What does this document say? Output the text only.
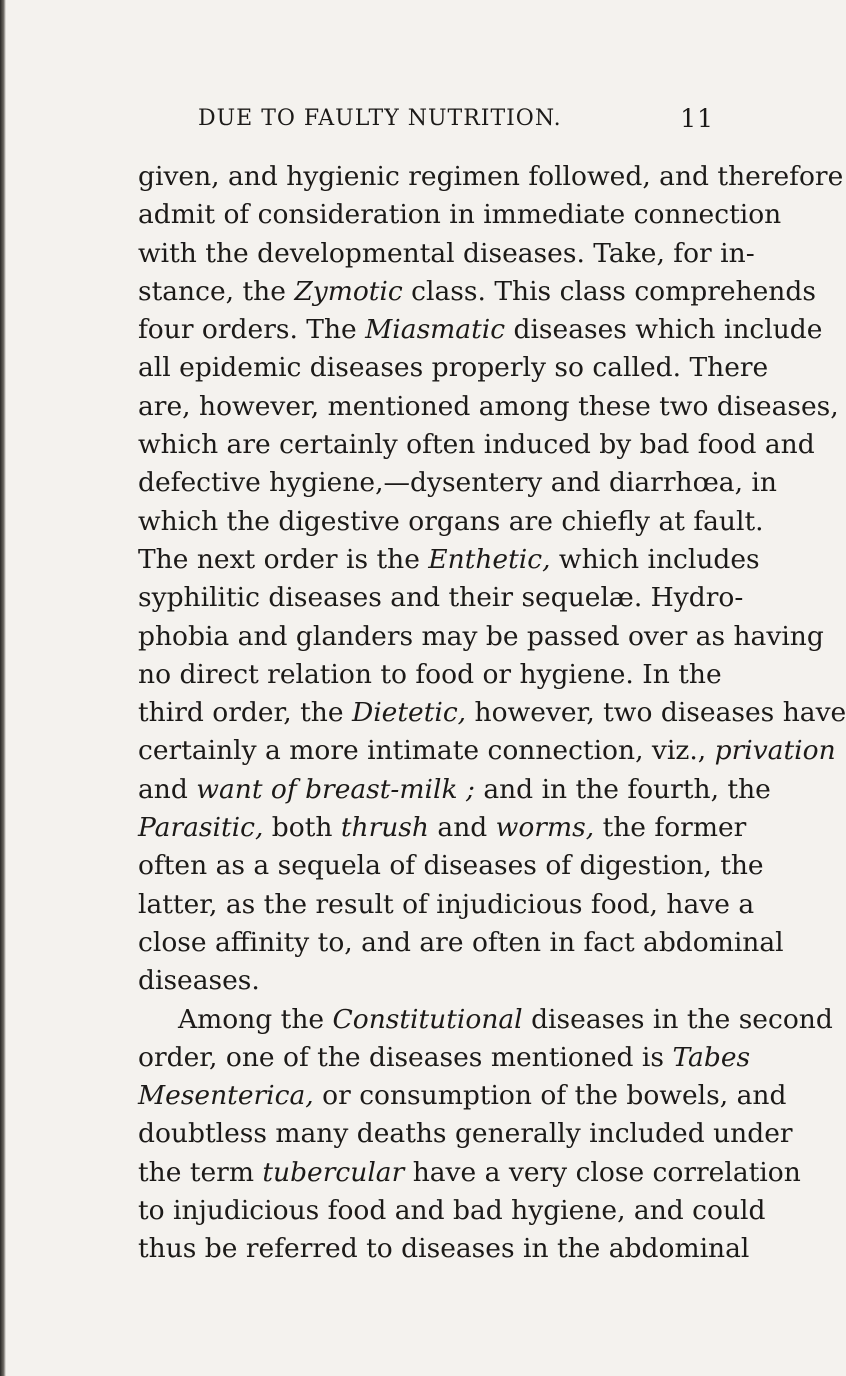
DUE TO FAULTY NUTRITION.	11
given, and hygienic regimen followed, and therefore
admit of consideration in immediate connection
with the developmental diseases. Take, for in-
stance, the Zymotic class. This class comprehends
four orders. The Miasmatic diseases which include
all epidemic diseases properly so called. There
are, however, mentioned among these two diseases,
which are certainly often induced by bad food and
defective hygiene,—dysentery and diarrhœa, in
which the digestive organs are chiefly at fault.
The next order is the Enthetic, which includes
syphilitic diseases and their sequelæ. Hydro-
phobia and glanders may be passed over as having
no direct relation to food or hygiene. In the
third order, the Dietetic, however, two diseases have
certainly a more intimate connection, viz., privation
and want of breast-milk ; and in the fourth, the
Parasitic, both thrush and worms, the former
often as a sequela of diseases of digestion, the
latter, as the result of injudicious food, have a
close affinity to, and are often in fact abdominal
diseases.
Among the Constitutional diseases in the second
order, one of the diseases mentioned is Tabes
Mesenterica, or consumption of the bowels, and
doubtless many deaths generally included under
the term tubercular have a very close correlation
to injudicious food and bad hygiene, and could
thus be referred to diseases in the abdominal
